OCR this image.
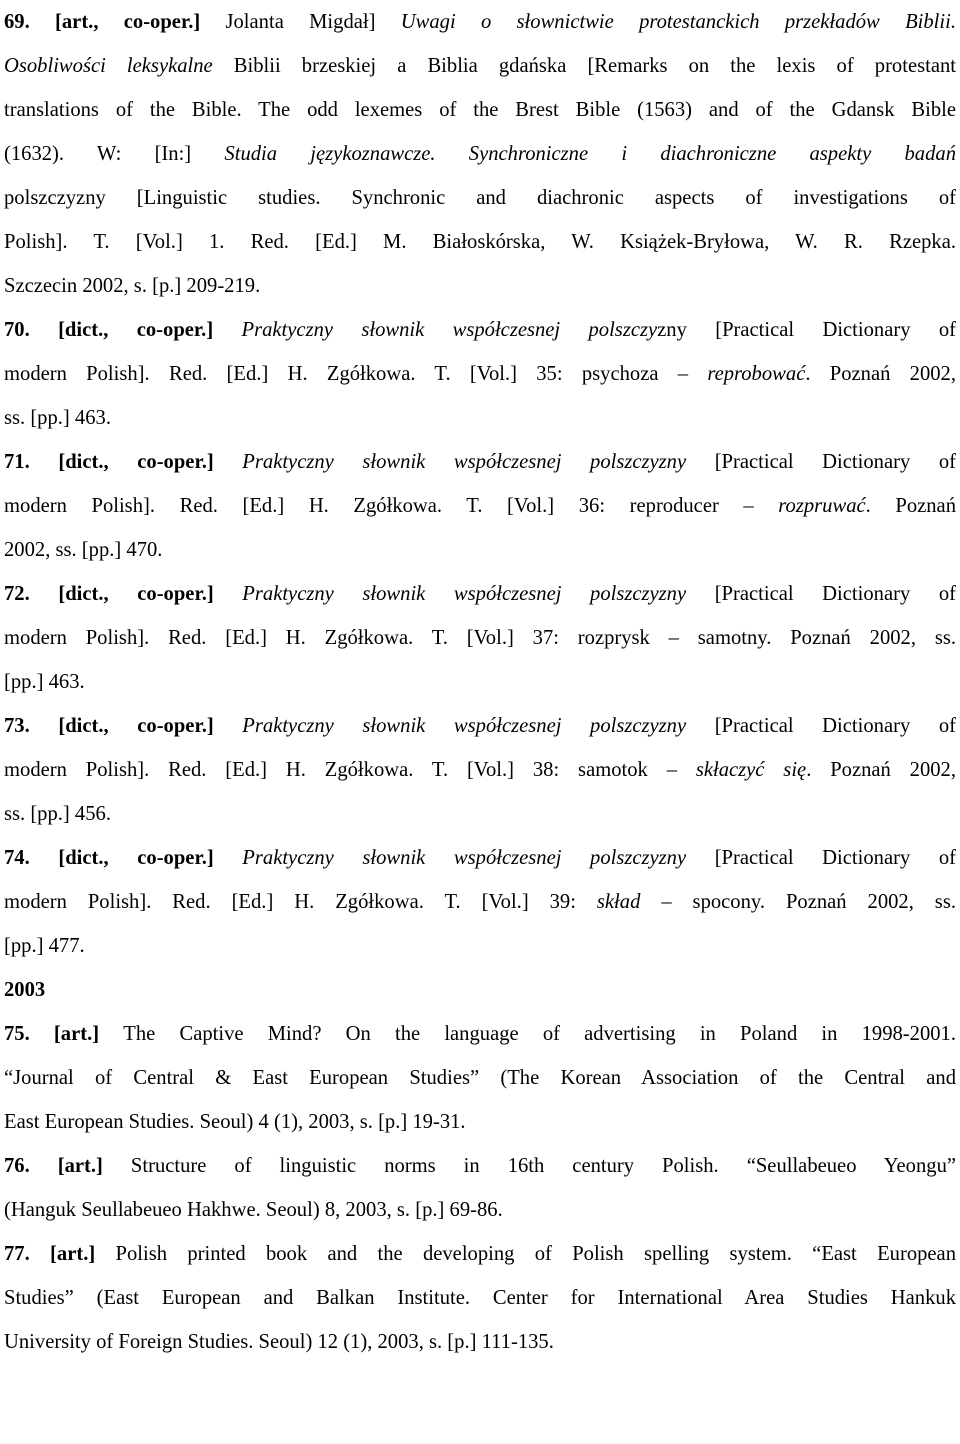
69. [art., co-oper.] Jolanta Migdał] Uwagi o słownictwie protestanckich przekładów Biblii.
Osobliwości leksykalne Biblii brzeskiej a Biblia gdańska [Remarks on the lexis of protestant
translations of the Bible. The odd lexemes of the Brest Bible (1563) and of the Gdansk Bible
(1632). W: [In:] Studia językoznawcze. Synchroniczne i diachroniczne aspekty badań
polszczyzny [Linguistic studies. Synchronic and diachronic aspects of investigations of
Polish]. T. [Vol.] 1. Red. [Ed.] M. Białoskórska, W. Książek-Bryłowa, W. R. Rzepka.
Szczecin 2002, s. [p.] 209-219.
70. [dict., co-oper.] Praktyczny słownik współczesnej polszczyzny [Practical Dictionary of
modern Polish]. Red. [Ed.] H. Zgółkowa. T. [Vol.] 35: psychoza – reprobować. Poznań 2002,
ss. [pp.] 463.
71. [dict., co-oper.] Praktyczny słownik współczesnej polszczyzny [Practical Dictionary of
modern Polish]. Red. [Ed.] H. Zgółkowa. T. [Vol.] 36: reproducer – rozpruwać. Poznań
2002, ss. [pp.] 470.
72. [dict., co-oper.] Praktyczny słownik współczesnej polszczyzny [Practical Dictionary of
modern Polish]. Red. [Ed.] H. Zgółkowa. T. [Vol.] 37: rozprysk – samotny. Poznań 2002, ss.
[pp.] 463.
73. [dict., co-oper.] Praktyczny słownik współczesnej polszczyzny [Practical Dictionary of
modern Polish]. Red. [Ed.] H. Zgółkowa. T. [Vol.] 38: samotok – skłaczyć się. Poznań 2002,
ss. [pp.] 456.
74. [dict., co-oper.] Praktyczny słownik współczesnej polszczyzny [Practical Dictionary of
modern Polish]. Red. [Ed.] H. Zgółkowa. T. [Vol.] 39: skład – spocony. Poznań 2002, ss.
[pp.] 477.
2003
75. [art.] The Captive Mind? On the language of advertising in Poland in 1998-2001.
“Journal of Central & East European Studies” (The Korean Association of the Central and
East European Studies. Seoul) 4 (1), 2003, s. [p.] 19-31.
76. [art.] Structure of linguistic norms in 16th century Polish. “Seullabeueo Yeongu”
(Hanguk Seullabeueo Hakhwe. Seoul) 8, 2003, s. [p.] 69-86.
77. [art.] Polish printed book and the developing of Polish spelling system. “East European
Studies” (East European and Balkan Institute. Center for International Area Studies Hankuk
University of Foreign Studies. Seoul) 12 (1), 2003, s. [p.] 111-135.
